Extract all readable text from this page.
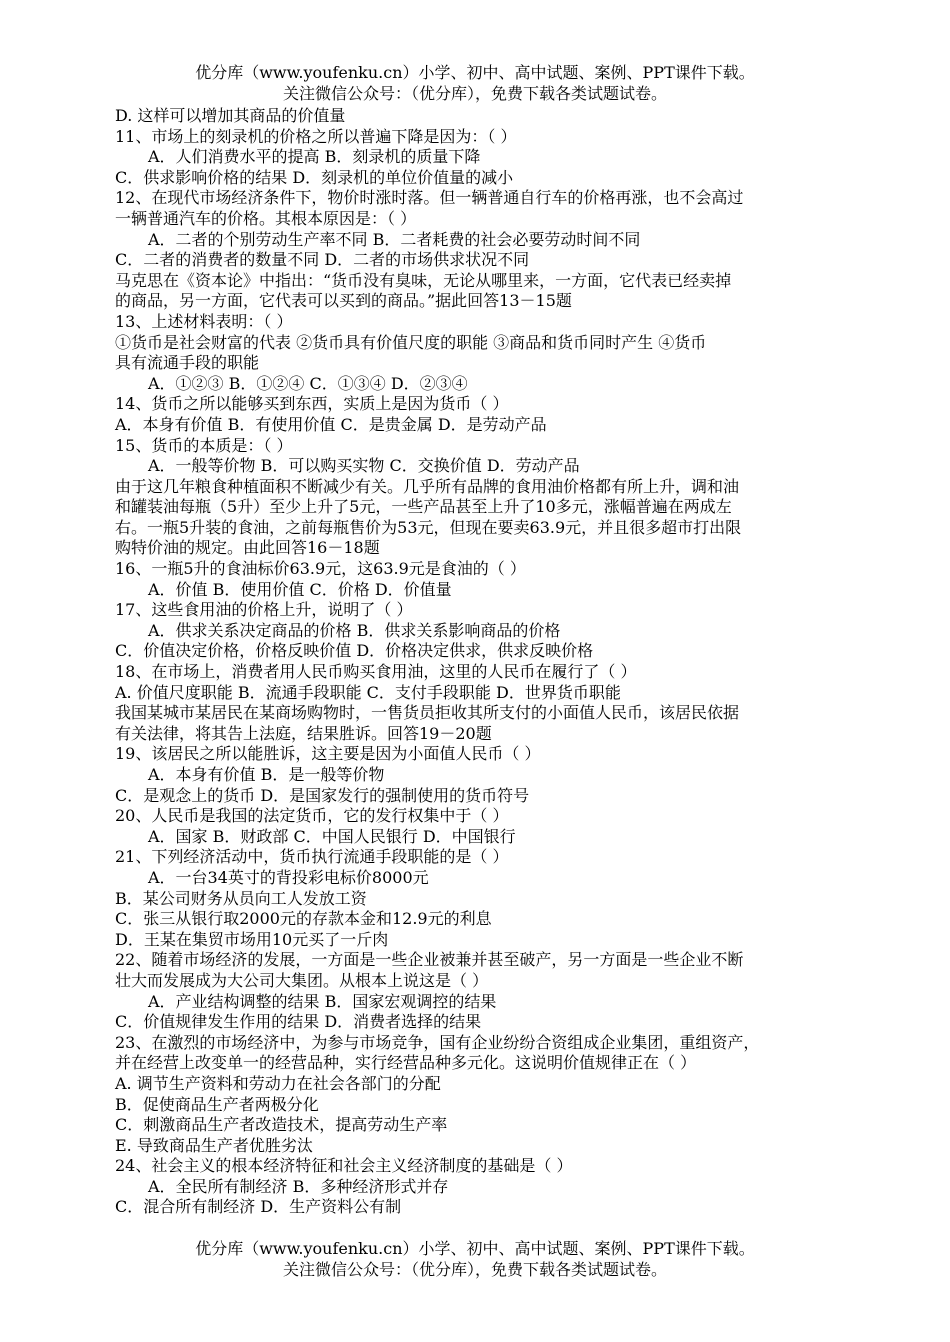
优分库（www.youfenku.cn）小学、初中、高中试题、案例、PPT课件下载。
关注微信公众号：（优分库），免费下载各类试题试卷。
D. 这样可以增加其商品的价值量
11、市场上的刻录机的价格之所以普遍下降是因为：（ ）
A．人们消费水平的提高 B．刻录机的质量下降
C．供求影响价格的结果 D．刻录机的单位价值量的减小
12、在现代市场经济条件下，物价时涨时落。但一辆普通自行车的价格再涨，也不会高过
一辆普通汽车的价格。其根本原因是：（ ）
A．二者的个别劳动生产率不同 B．二者耗费的社会必要劳动时间不同
C．二者的消费者的数量不同 D．二者的市场供求状况不同
马克思在《资本论》中指出：“货币没有臭味，无论从哪里来，一方面，它代表已经卖掉
的商品，另一方面，它代表可以买到的商品。”据此回答13－15题
13、上述材料表明：（ ）
①货币是社会财富的代表 ②货币具有价值尺度的职能 ③商品和货币同时产生 ④货币
具有流通手段的职能
A．①②③ B．①②④ C．①③④ D．②③④
14、货币之所以能够买到东西，实质上是因为货币（ ）
A．本身有价值 B．有使用价值 C．是贵金属 D．是劳动产品
15、货币的本质是：（ ）
A．一般等价物 B．可以购买实物 C．交换价值 D．劳动产品
由于这几年粮食种植面积不断减少有关。几乎所有品牌的食用油价格都有所上升，调和油
和罐装油每瓶（5升）至少上升了5元，一些产品甚至上升了10多元，涨幅普遍在两成左
右。一瓶5升装的食油，之前每瓶售价为53元，但现在要卖63.9元，并且很多超市打出限
购特价油的规定。由此回答16－18题
16、一瓶5升的食油标价63.9元，这63.9元是食油的（ ）
A．价值 B．使用价值 C．价格 D．价值量
17、这些食用油的价格上升，说明了（ ）
A．供求关系决定商品的价格 B．供求关系影响商品的价格
C．价值决定价格，价格反映价值 D．价格决定供求，供求反映价格
18、在市场上，消费者用人民币购买食用油，这里的人民币在履行了（ ）
A. 价值尺度职能 B．流通手段职能 C．支付手段职能 D．世界货币职能
我国某城市某居民在某商场购物时，一售货员拒收其所支付的小面值人民币，该居民依据
有关法律，将其告上法庭，结果胜诉。回答19－20题
19、该居民之所以能胜诉，这主要是因为小面值人民币（ ）
A．本身有价值 B．是一般等价物
C．是观念上的货币 D．是国家发行的强制使用的货币符号
20、人民币是我国的法定货币，它的发行权集中于（ ）
A．国家 B．财政部 C．中国人民银行 D．中国银行
21、下列经济活动中，货币执行流通手段职能的是（ ）
A．一台34英寸的背投彩电标价8000元
B．某公司财务从员向工人发放工资
C．张三从银行取2000元的存款本金和12.9元的利息
D．王某在集贸市场用10元买了一斤肉
22、随着市场经济的发展，一方面是一些企业被兼并甚至破产，另一方面是一些企业不断
壮大而发展成为大公司大集团。从根本上说这是（ ）
A．产业结构调整的结果 B．国家宏观调控的结果
C．价值规律发生作用的结果 D．消费者选择的结果
23、在激烈的市场经济中，为参与市场竞争，国有企业纷纷合资组成企业集团，重组资产，
并在经营上改变单一的经营品种，实行经营品种多元化。这说明价值规律正在（ ）
A. 调节生产资料和劳动力在社会各部门的分配
B．促使商品生产者两极分化
C．刺激商品生产者改造技术，提高劳动生产率
E. 导致商品生产者优胜劣汰
24、社会主义的根本经济特征和社会主义经济制度的基础是（ ）
A．全民所有制经济 B．多种经济形式并存
C．混合所有制经济 D．生产资料公有制
优分库（www.youfenku.cn）小学、初中、高中试题、案例、PPT课件下载。
关注微信公众号：（优分库），免费下载各类试题试卷。
